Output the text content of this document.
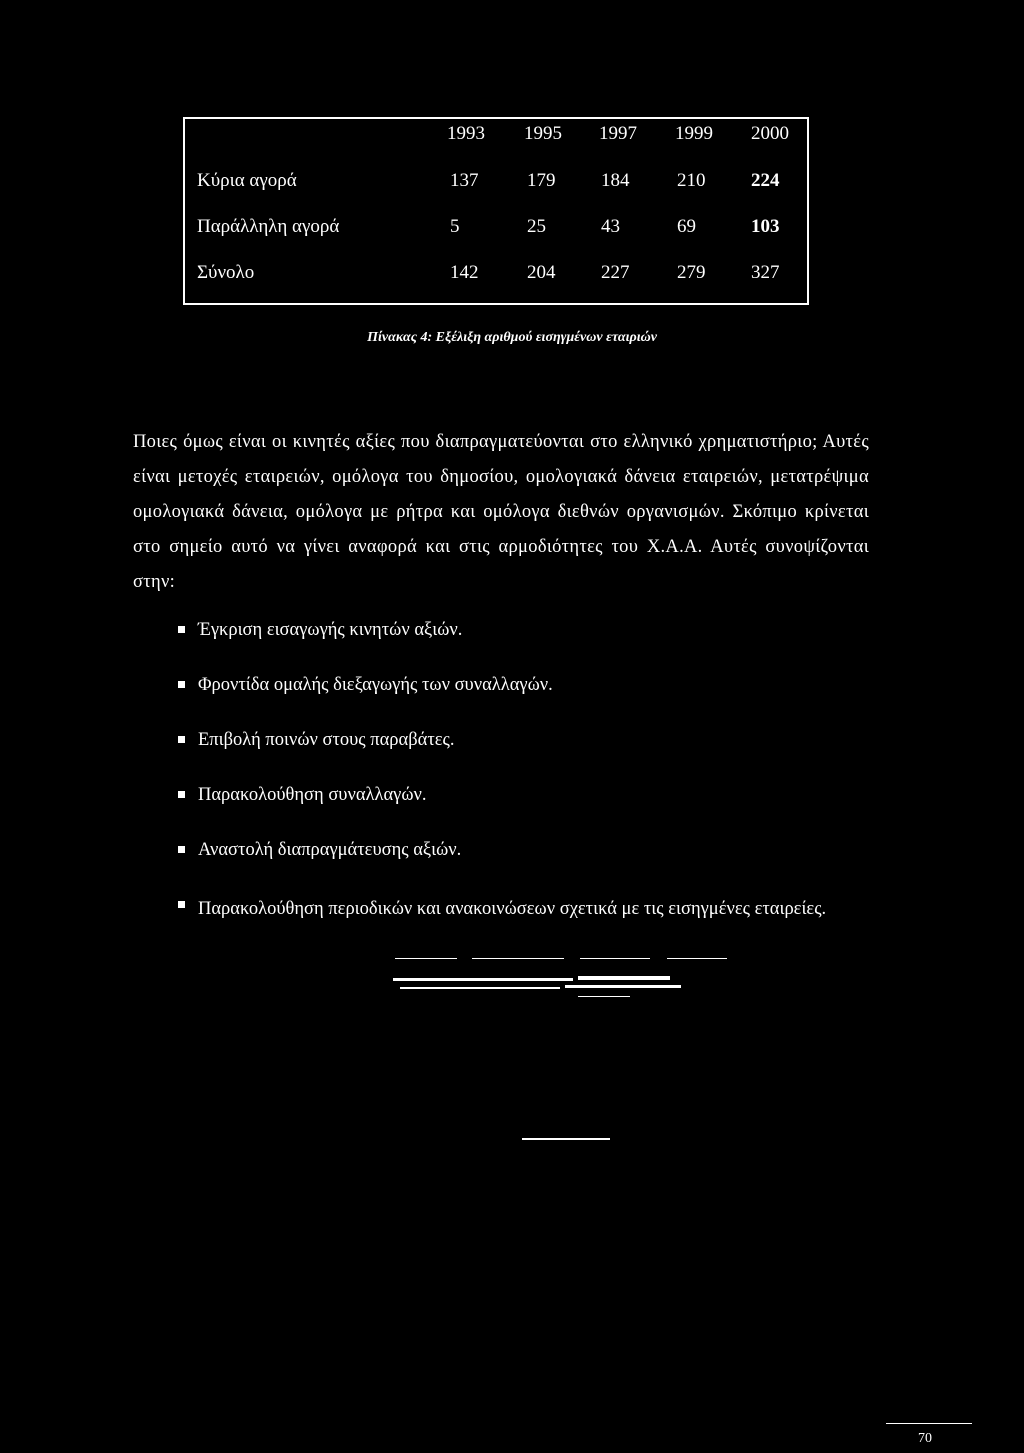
1993 1995 1997 1999 2000
Κύρια αγορά	137	179 184	210 224
Παράλληλη αγορά	5	25	43	69	103
Σύνολο	142	204 227	279 327
Πίνακας 4: Εξέλιξη αριθμού εισηγμένων εταιριών
Ποιες όμως είναι οι κινητές αξίες που διαπραγματεύονται στο ελληνικό χρηματιστήριο; Αυτές είναι μετοχές εταιρειών, ομόλογα του δημοσίου, ομολογιακά δάνεια εταιρειών, μετατρέψιμα ομολογιακά δάνεια, ομόλογα με ρήτρα και ομόλογα διεθνών οργανισμών. Σκόπιμο κρίνεται στο σημείο αυτό να γίνει αναφορά και στις αρμοδιότητες του Χ.Α.Α. Αυτές συνοψίζονται στην:
Έγκριση εισαγωγής κινητών αξιών.
Φροντίδα ομαλής διεξαγωγής των συναλλαγών.
Επιβολή ποινών στους παραβάτες.
Παρακολούθηση συναλλαγών.
Αναστολή διαπραγμάτευσης αξιών.
Παρακολούθηση περιοδικών και ανακοινώσεων σχετικά με τις εισηγμένες εταιρείες.
70
